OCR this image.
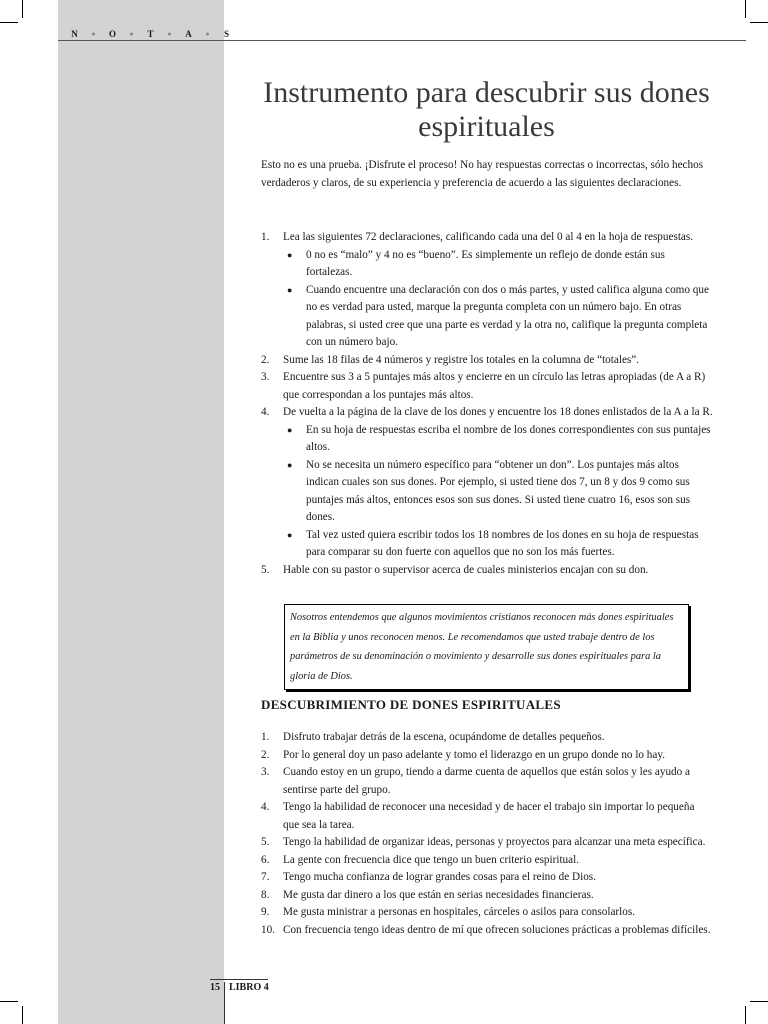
N	●	O	●	T	●	A	●	S
Instrumento para descubrir sus dones espirituales

Esto no es una prueba. ¡Disfrute el proceso! No hay respuestas correctas o incorrectas, sólo hechos verdaderos y claros, de su experiencia y preferencia de acuerdo a las siguientes declaraciones.

1. Lea las siguientes 72 declaraciones, calificando cada una del 0 al 4 en la hoja de respuestas.
● 0 no es “malo” y 4 no es “bueno”. Es simplemente un reflejo de donde están sus fortalezas.
● Cuando encuentre una declaración con dos o más partes, y usted califica alguna como que no es verdad para usted, marque la pregunta completa con un número bajo. En otras palabras, si usted cree que una parte es verdad y la otra no, califique la pregunta completa con un número bajo.
2. Sume las 18 filas de 4 números y registre los totales en la columna de “totales”.
3. Encuentre sus 3 a 5 puntajes más altos y encierre en un círculo las letras apropiadas (de A a R) que correspondan a los puntajes más altos.
4. De vuelta a la página de la clave de los dones y encuentre los 18 dones enlistados de la A a la R.
● En su hoja de respuestas escriba el nombre de los dones correspondientes con sus puntajes altos.
● No se necesita un número específico para “obtener un don”. Los puntajes más altos indican cuales son sus dones. Por ejemplo, si usted tiene dos 7, un 8 y dos 9 como sus puntajes más altos, entonces esos son sus dones. Si usted tiene cuatro 16, esos son sus dones.
● Tal vez usted quiera escribir todos los 18 nombres de los dones en su hoja de respuestas para comparar su don fuerte con aquellos que no son los más fuertes.
5. Hable con su pastor o supervisor acerca de cuales ministerios encajan con su don.
Nosotros entendemos que algunos movimientos cristianos reconocen más dones espirituales en la Biblia y unos reconocen menos. Le recomendamos que usted trabaje dentro de los parámetros de su denominación o movimiento y desarrolle sus dones espirituales para la gloria de Dios.
DESCUBRIMIENTO DE DONES ESPIRITUALES
1. Disfruto trabajar detrás de la escena, ocupándome de detalles pequeños.
2. Por lo general doy un paso adelante y tomo el liderazgo en un grupo donde no lo hay.
3. Cuando estoy en un grupo, tiendo a darme cuenta de aquellos que están solos y les ayudo a sentirse parte del grupo.
4. Tengo la habilidad de reconocer una necesidad y de hacer el trabajo sin importar lo pequeña que sea la tarea.
5. Tengo la habilidad de organizar ideas, personas y proyectos para alcanzar una meta específica.
6. La gente con frecuencia dice que tengo un buen criterio espiritual.
7. Tengo mucha confianza de lograr grandes cosas para el reino de Dios.
8. Me gusta dar dinero a los que están en serias necesidades financieras.
9. Me gusta ministrar a personas en hospitales, cárceles o asilos para consolarlos.
10. Con frecuencia tengo ideas dentro de mí que ofrecen soluciones prácticas a problemas difíciles.
15 LIBRO 4
